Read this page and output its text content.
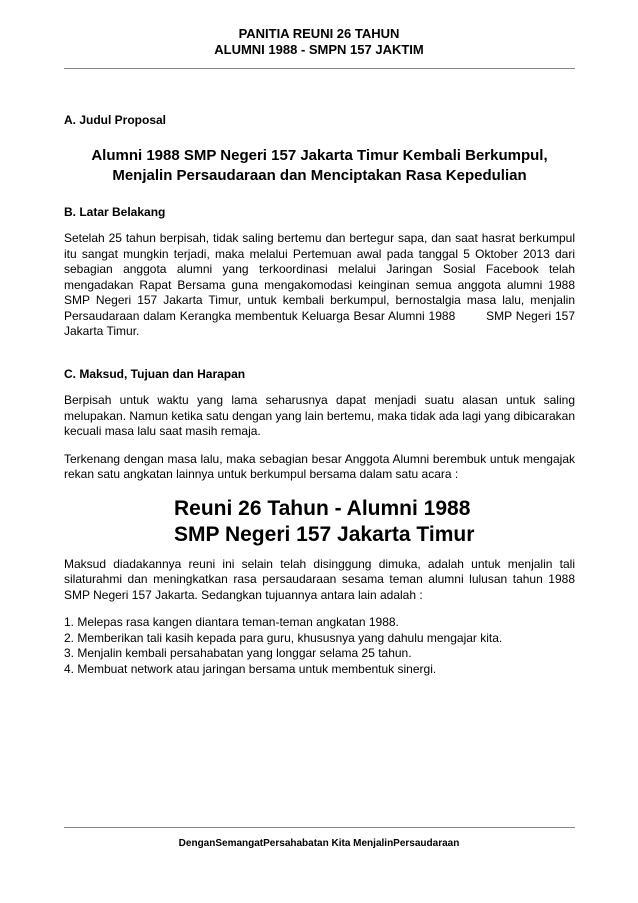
PANITIA REUNI 26 TAHUN
ALUMNI 1988 - SMPN 157 JAKTIM

A. Judul Proposal

Alumni 1988 SMP Negeri 157 Jakarta Timur Kembali Berkumpul,
Menjalin Persaudaraan dan Menciptakan Rasa Kepedulian

B. Latar Belakang

Setelah 25 tahun berpisah, tidak saling bertemu dan bertegur sapa, dan saat hasrat berkumpul itu sangat mungkin terjadi, maka melalui Pertemuan awal pada tanggal 5 Oktober 2013 dari sebagian anggota alumni yang terkoordinasi melalui Jaringan Sosial Facebook telah mengadakan Rapat Bersama guna mengakomodasi keinginan semua anggota alumni 1988 SMP Negeri 157 Jakarta Timur, untuk kembali berkumpul, bernostalgia masa lalu, menjalin Persaudaraan dalam Kerangka membentuk Keluarga Besar Alumni 1988        SMP Negeri 157 Jakarta Timur.

C. Maksud, Tujuan dan Harapan

Berpisah untuk waktu yang lama seharusnya dapat menjadi suatu alasan untuk saling melupakan. Namun ketika satu dengan yang lain bertemu, maka tidak ada lagi yang dibicarakan kecuali masa lalu saat masih remaja.

Terkenang dengan masa lalu, maka sebagian besar Anggota Alumni berembuk untuk mengajak rekan satu angkatan lainnya untuk berkumpul bersama dalam satu acara :

Reuni 26 Tahun - Alumni 1988
SMP Negeri 157 Jakarta Timur

Maksud diadakannya reuni ini selain telah disinggung dimuka, adalah untuk menjalin tali silaturahmi dan meningkatkan rasa persaudaraan sesama teman alumni lulusan tahun 1988 SMP Negeri 157 Jakarta. Sedangkan tujuannya antara lain adalah :

1. Melepas rasa kangen diantara teman-teman angkatan 1988.
2. Memberikan tali kasih kepada para guru, khususnya yang dahulu mengajar kita.
3. Menjalin kembali persahabatan yang longgar selama 25 tahun.
4. Membuat network atau jaringan bersama untuk membentuk sinergi.
DenganSemangatPersahabatan Kita MenjalinPersaudaraan
